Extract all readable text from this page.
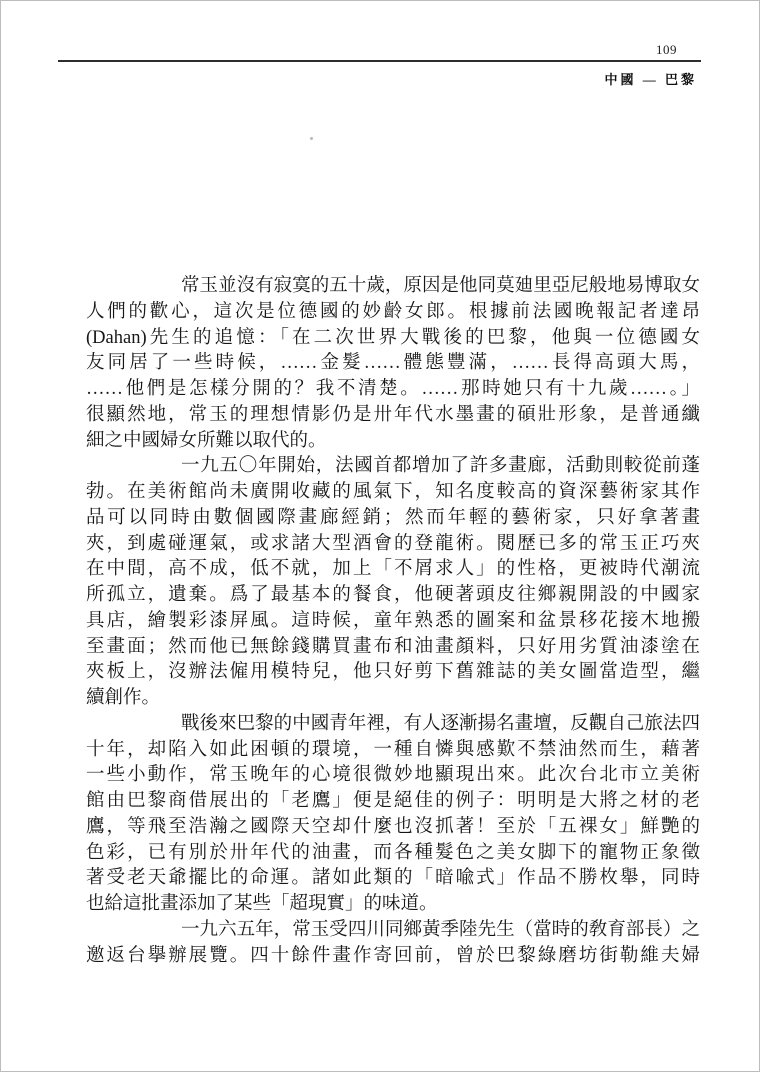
109
中國 — 巴黎
常玉並沒有寂寞的五十歲，原因是他同莫廸里亞尼般地易博取女
人們的歡心，這次是位德國的妙齡女郎。根據前法國晚報記者達昂
(Dahan)先生的追憶：「在二次世界大戰後的巴黎，他與一位德國女
友同居了一些時候，……金髮……體態豐滿，……長得高頭大馬，
……他們是怎樣分開的？我不清楚。……那時她只有十九歲……。」
很顯然地，常玉的理想情影仍是卅年代水墨畫的碩壯形象，是普通纖
細之中國婦女所難以取代的。
一九五〇年開始，法國首都增加了許多畫廊，活動則較從前蓬
勃。在美術館尚未廣開收藏的風氣下，知名度較高的資深藝術家其作
品可以同時由數個國際畫廊經銷；然而年輕的藝術家，只好拿著畫
夾，到處碰運氣，或求諸大型酒會的登龍術。閱歷已多的常玉正巧夾
在中間，高不成，低不就，加上「不屑求人」的性格，更被時代潮流
所孤立，遺棄。爲了最基本的餐食，他硬著頭皮往鄉親開設的中國家
具店，繪製彩漆屏風。這時候，童年熟悉的圖案和盆景移花接木地搬
至畫面；然而他已無餘錢購買畫布和油畫顏料，只好用劣質油漆塗在
夾板上，沒辦法僱用模特兒，他只好剪下舊雜誌的美女圖當造型，繼
續創作。
戰後來巴黎的中國青年裡，有人逐漸揚名畫壇，反觀自己旅法四
十年，却陷入如此困頓的環境，一種自憐與感歎不禁油然而生，藉著
一些小動作，常玉晚年的心境很微妙地顯現出來。此次台北市立美術
館由巴黎商借展出的「老鷹」便是絕佳的例子：明明是大將之材的老
鷹，等飛至浩瀚之國際天空却什麼也沒抓著！至於「五裸女」鮮艷的
色彩，已有別於卅年代的油畫，而各種髮色之美女脚下的寵物正象徵
著受老天爺擺比的命運。諸如此類的「暗喩式」作品不勝枚舉，同時
也給這批畫添加了某些「超現實」的味道。
一九六五年，常玉受四川同鄉黃季陸先生（當時的敎育部長）之
邀返台擧辦展覽。四十餘件畫作寄回前，曾於巴黎綠磨坊街勒維夫婦
